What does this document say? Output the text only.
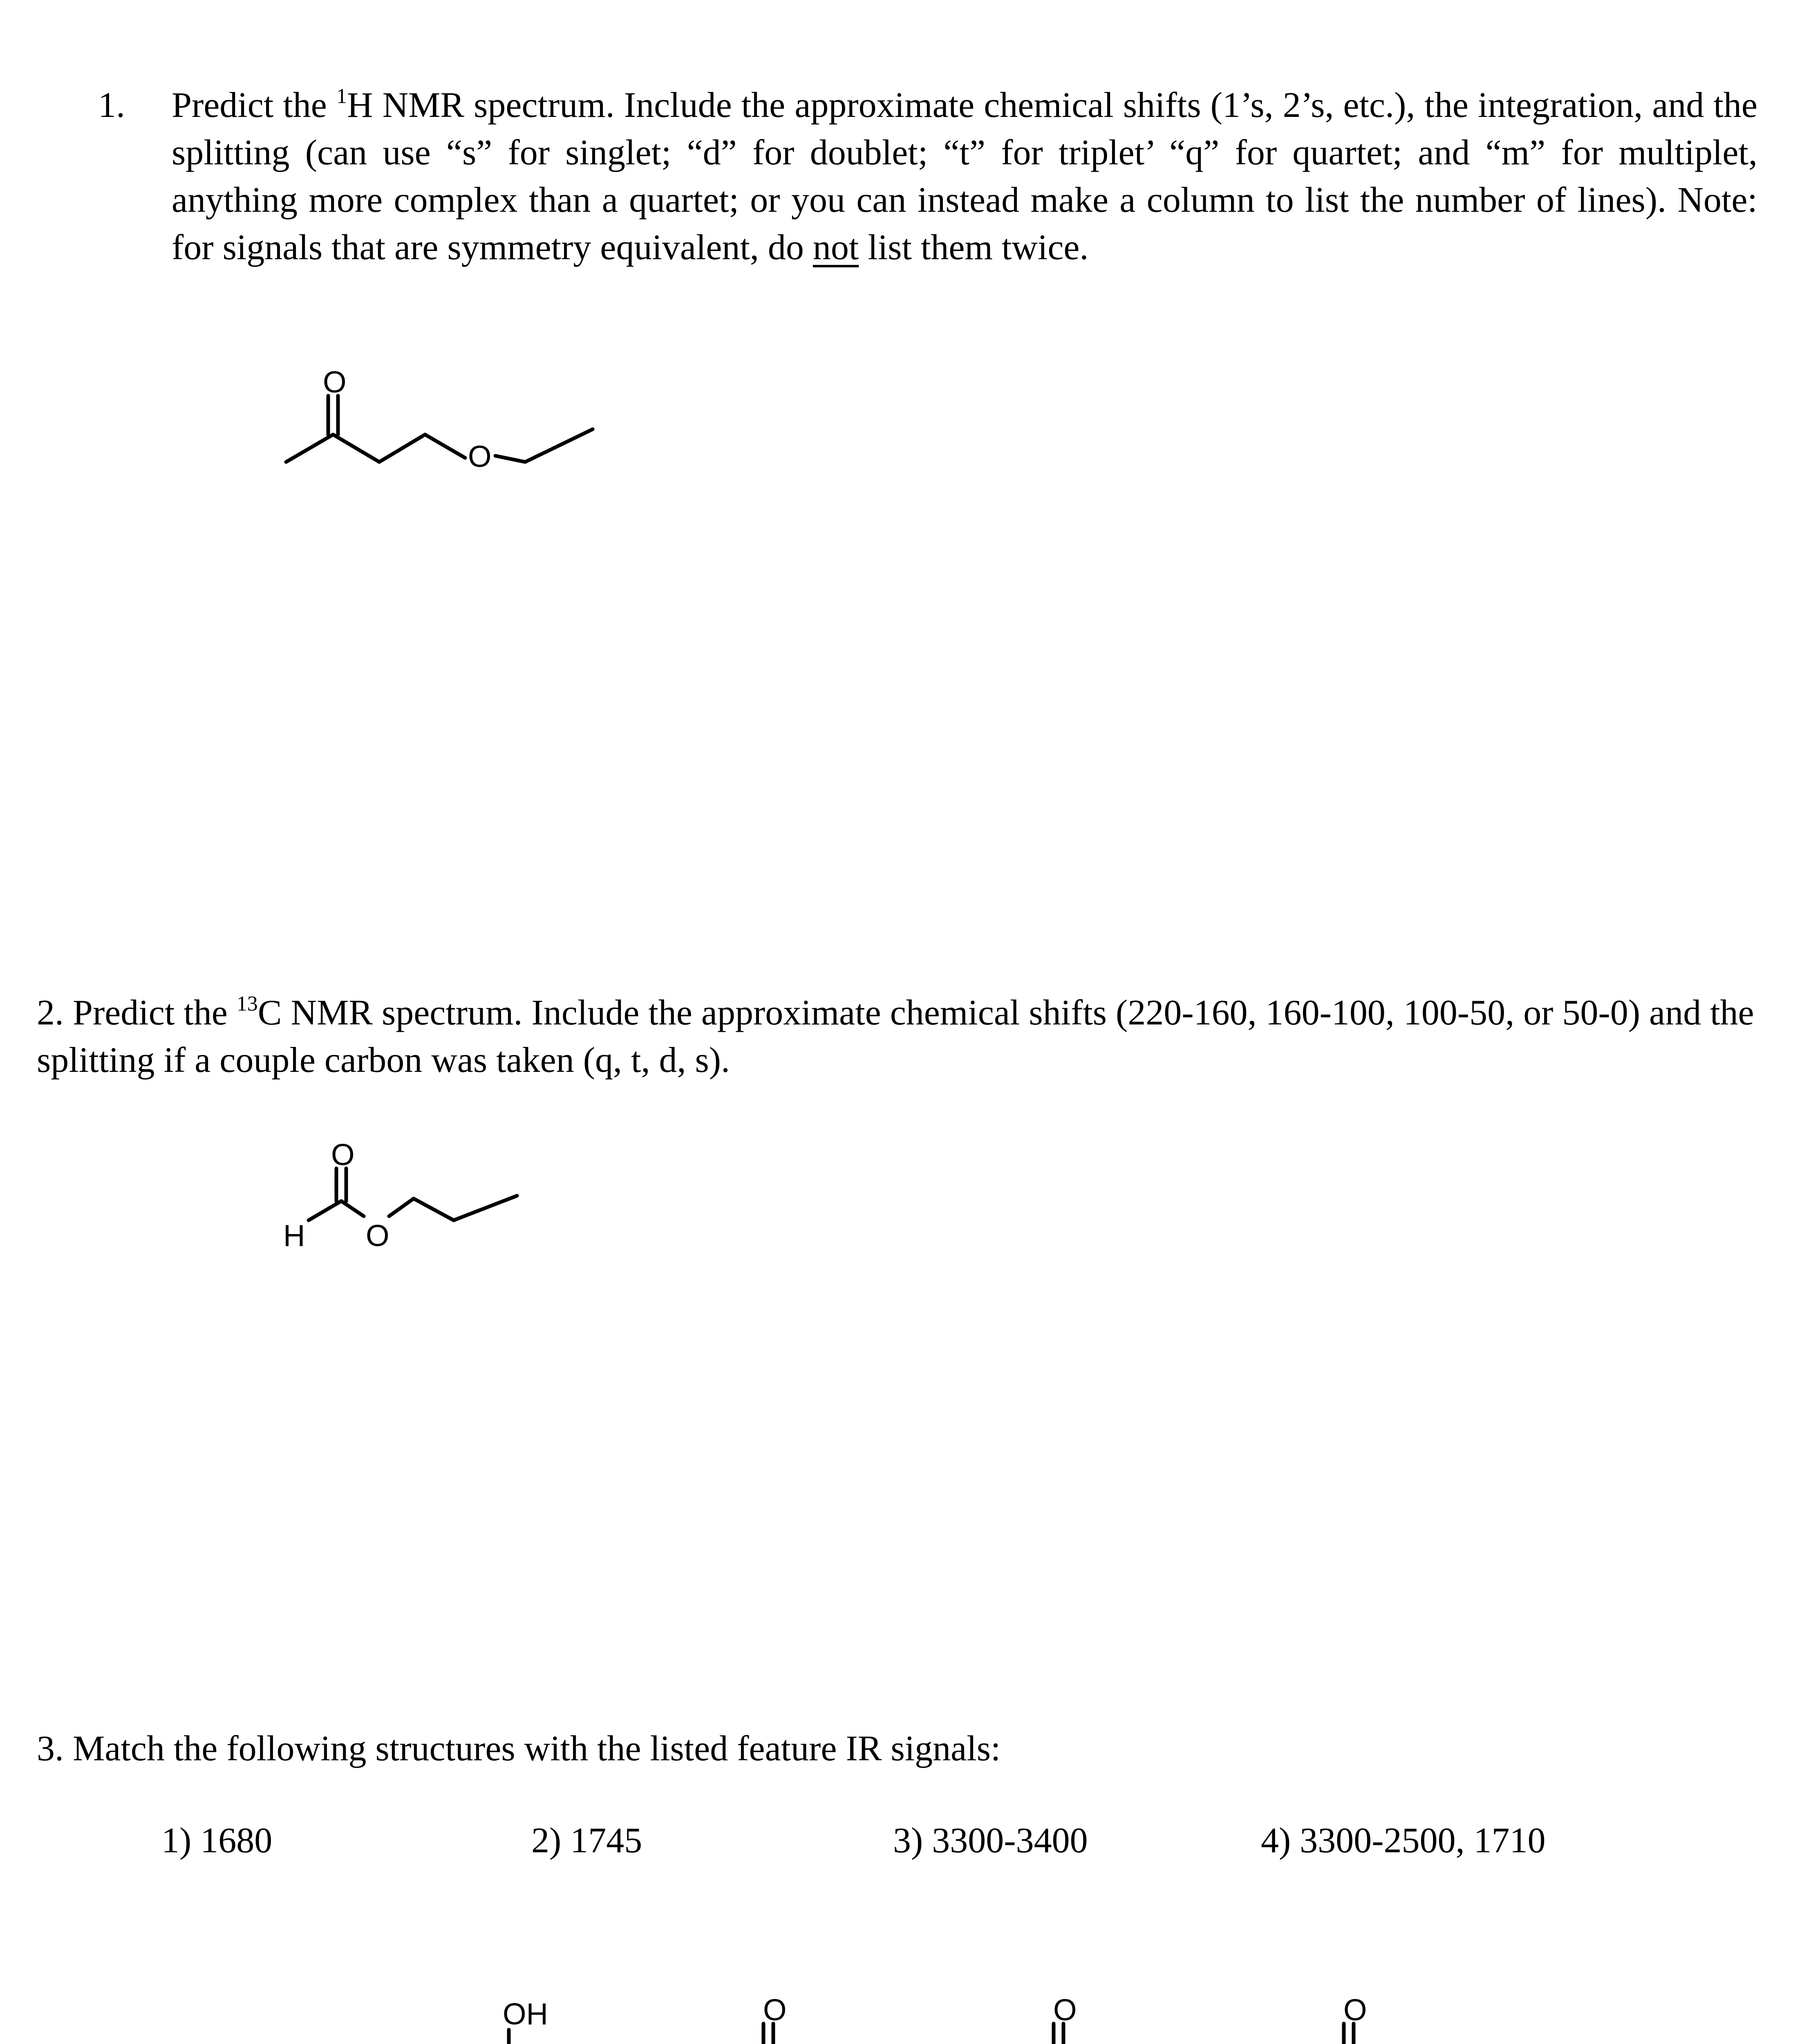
1.	Predict the $^1$H NMR spectrum. Include the approximate chemical shifts (1’s, 2’s, etc.), the integration, and the splitting (can use “s” for singlet; “d” for doublet; “t” for triplet’ “q” for quartet; and “m” for multiplet, anything more complex than a quartet; or you can instead make a column to list the number of lines). Note: for signals that are symmetry equivalent, do not list them twice.
O
O
2. Predict the $^{13}$C NMR spectrum. Include the approximate chemical shifts (220-160, 160-100, 100-50, or 50-0) and the splitting if a couple carbon was taken (q, t, d, s).
H
O
O
3. Match the following structures with the listed feature IR signals:
1) 1680	2) 1745	3) 3300-3400	4) 3300-2500, 1710
OH	O	O	O
